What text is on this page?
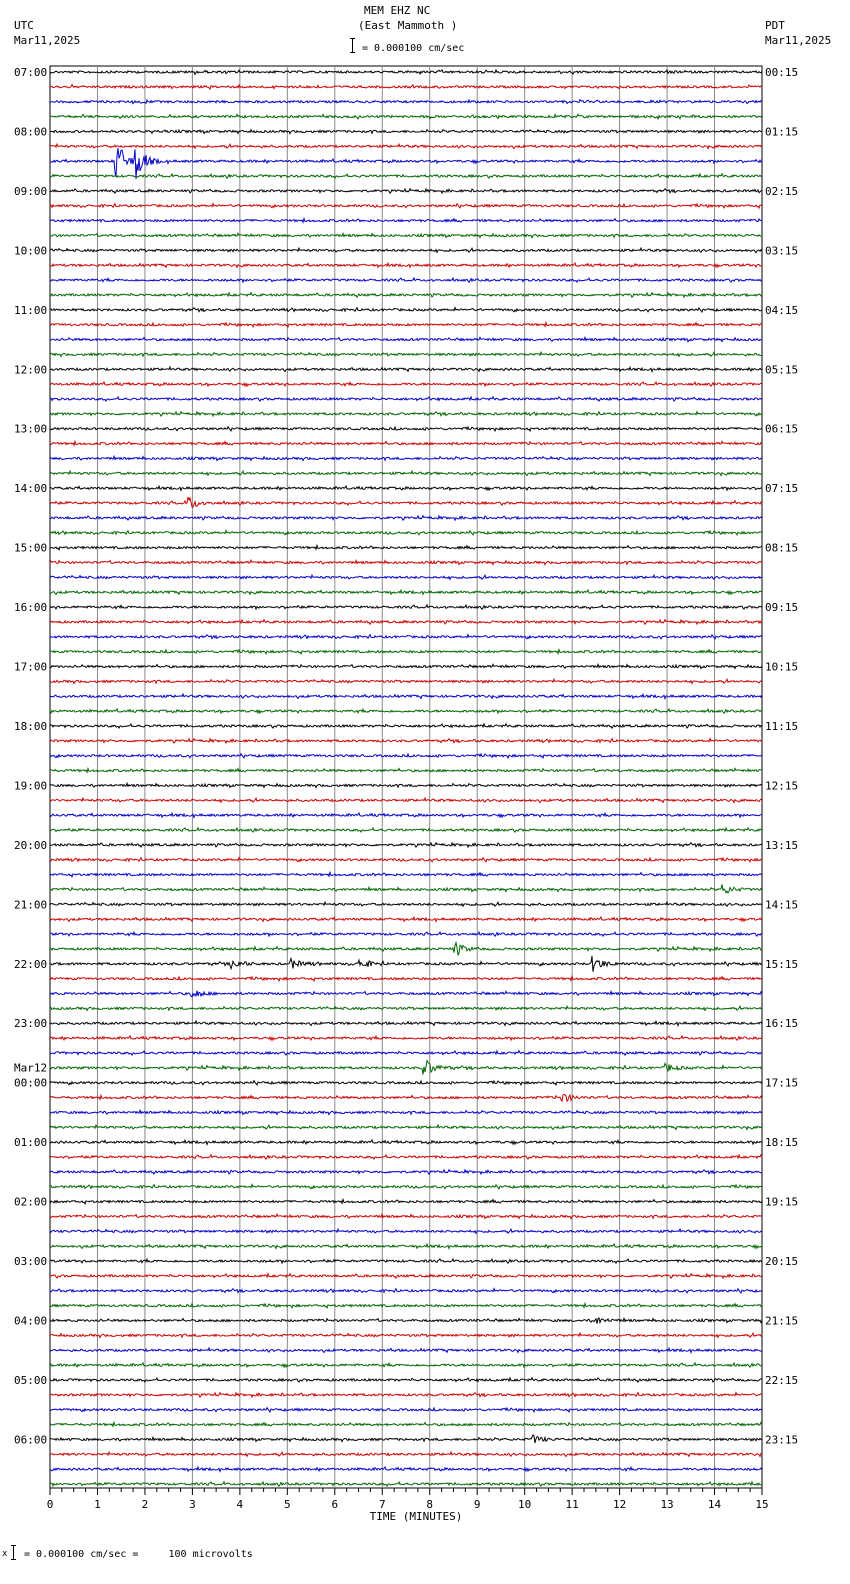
MEM EHZ NC
(East Mammoth )
UTC
Mar11,2025
PDT
Mar11,2025
= 0.000100 cm/sec
07:00
08:00
09:00
10:00
11:00
12:00
13:00
14:00
15:00
16:00
17:00
18:00
19:00
20:00
21:00
22:00
23:00
Mar12
00:00
01:00
02:00
03:00
04:00
05:00
06:00
00:15
01:15
02:15
03:15
04:15
05:15
06:15
07:15
08:15
09:15
10:15
11:15
12:15
13:15
14:15
15:15
16:15
17:15
18:15
19:15
20:15
21:15
22:15
23:15
0	1	2	3	4	5	6	7	8	9	10	11	12	13	14	15
TIME (MINUTES)
x = 0.000100 cm/sec =     100 microvolts
